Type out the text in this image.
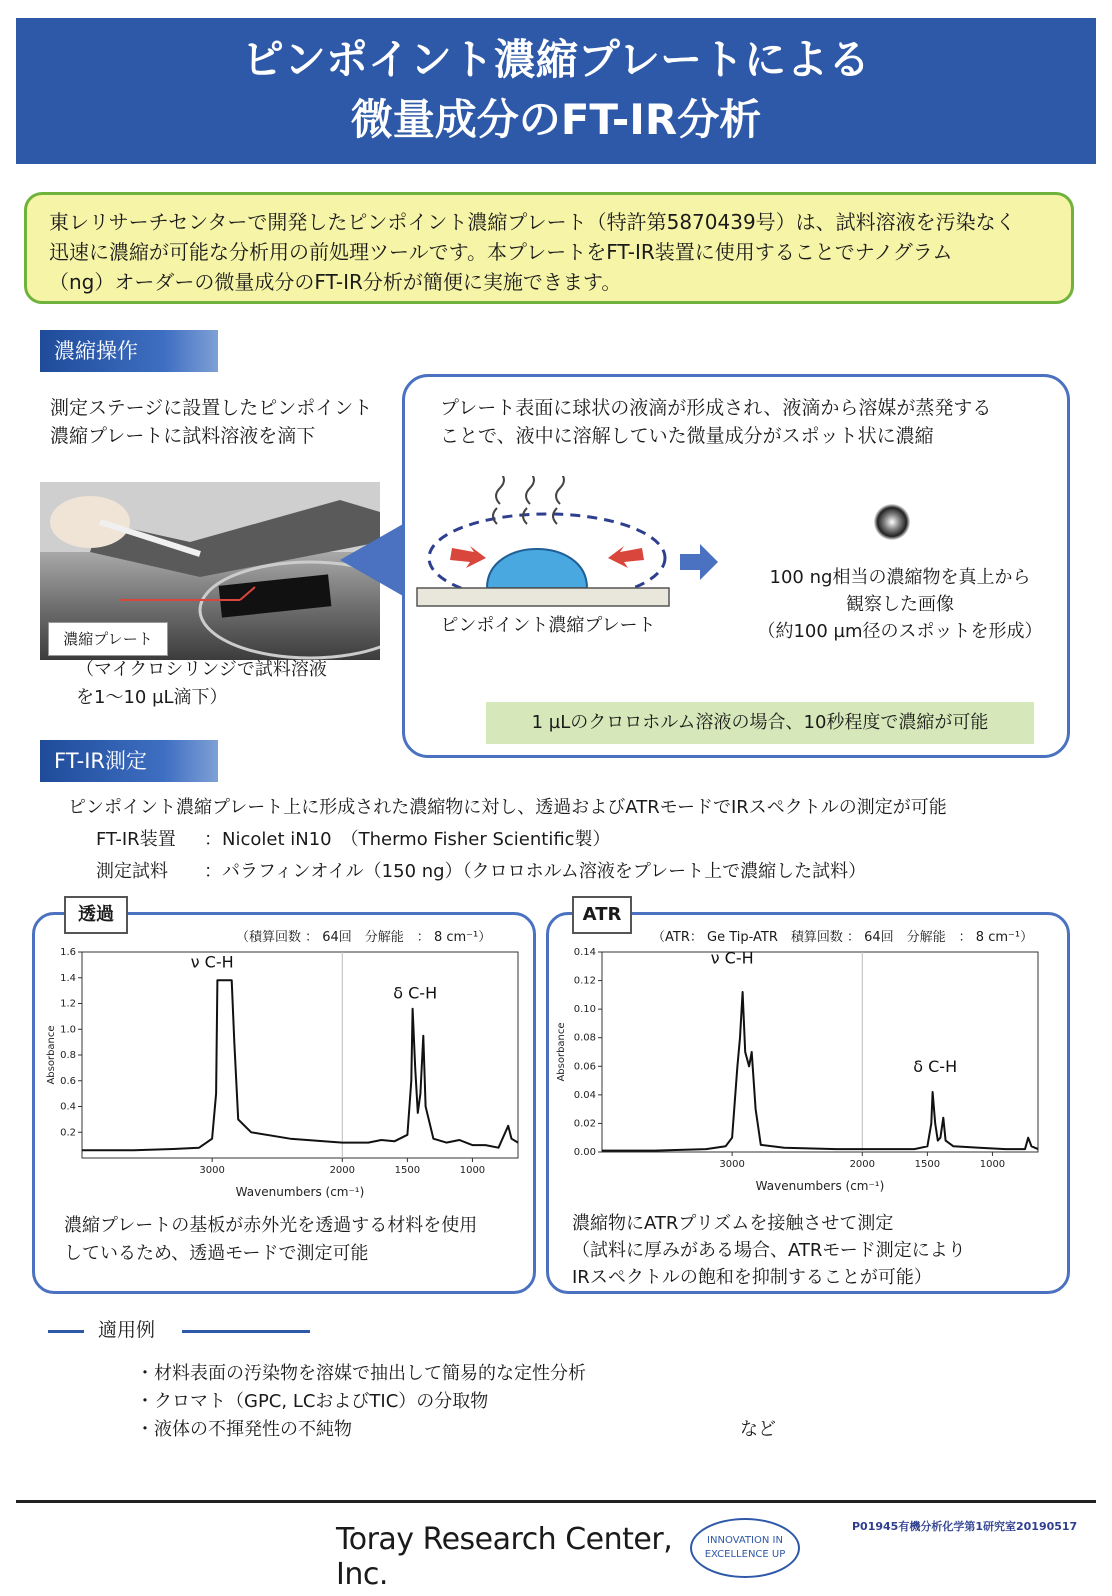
ピンポイント濃縮プレートによる
微量成分のFT-IR分析
東レリサーチセンターで開発したピンポイント濃縮プレート（特許第5870439号）は、試料溶液を汚染なく
迅速に濃縮が可能な分析用の前処理ツールです。本プレートをFT-IR装置に使用することでナノグラム
（ng）オーダーの微量成分のFT-IR分析が簡便に実施できます。
濃縮操作
測定ステージに設置したピンポイント
濃縮プレートに試料溶液を滴下
濃縮プレート
（マイクロシリンジで試料溶液
を1～10 µL滴下）
プレート表面に球状の液滴が形成され、液滴から溶媒が蒸発する
ことで、液中に溶解していた微量成分がスポット状に濃縮
ピンポイント濃縮プレート
100 ng相当の濃縮物を真上から
観察した画像
（約100 µm径のスポットを形成）
1 µLのクロロホルム溶液の場合、10秒程度で濃縮が可能
FT-IR測定
ピンポイント濃縮プレート上に形成された濃縮物に対し、透過およびATRモードでIRスペクトルの測定が可能
FT-IR装置 ：Nicolet iN10　（Thermo Fisher Scientific製）
測定試料 ：パラフィンオイル（150 ng）（クロロホルム溶液をプレート上で濃縮した試料）
透過
（積算回数 ： 64回　分解能　： 8 cm⁻¹）
3000	2000	1500	1000
0.2
0.4
0.6
0.8
1.0
1.2
1.4
1.6
Wavenumbers (cm⁻¹)
Absorbance
ν C-H
δ C-H
濃縮プレートの基板が赤外光を透過する材料を使用
しているため、透過モードで測定可能
ATR
（ATR： Ge Tip-ATR　積算回数 ： 64回　分解能　： 8 cm⁻¹）
3000	2000	1500	1000
0.00
0.02
0.04
0.06
0.08
0.10
0.12
0.14
Wavenumbers (cm⁻¹)
Absorbance
ν C-H
δ C-H
濃縮物にATRプリズムを接触させて測定
（試料に厚みがある場合、ATRモード測定により
IRスペクトルの飽和を抑制することが可能）
適用例
・材料表面の汚染物を溶媒で抽出して簡易的な定性分析
・クロマト（GPC, LCおよびTIC）の分取物
・液体の不揮発性の不純物	など
Toray Research Center, Inc.
INNOVATION IN
EXCELLENCE UP
P01945有機分析化学第1研究室20190517
